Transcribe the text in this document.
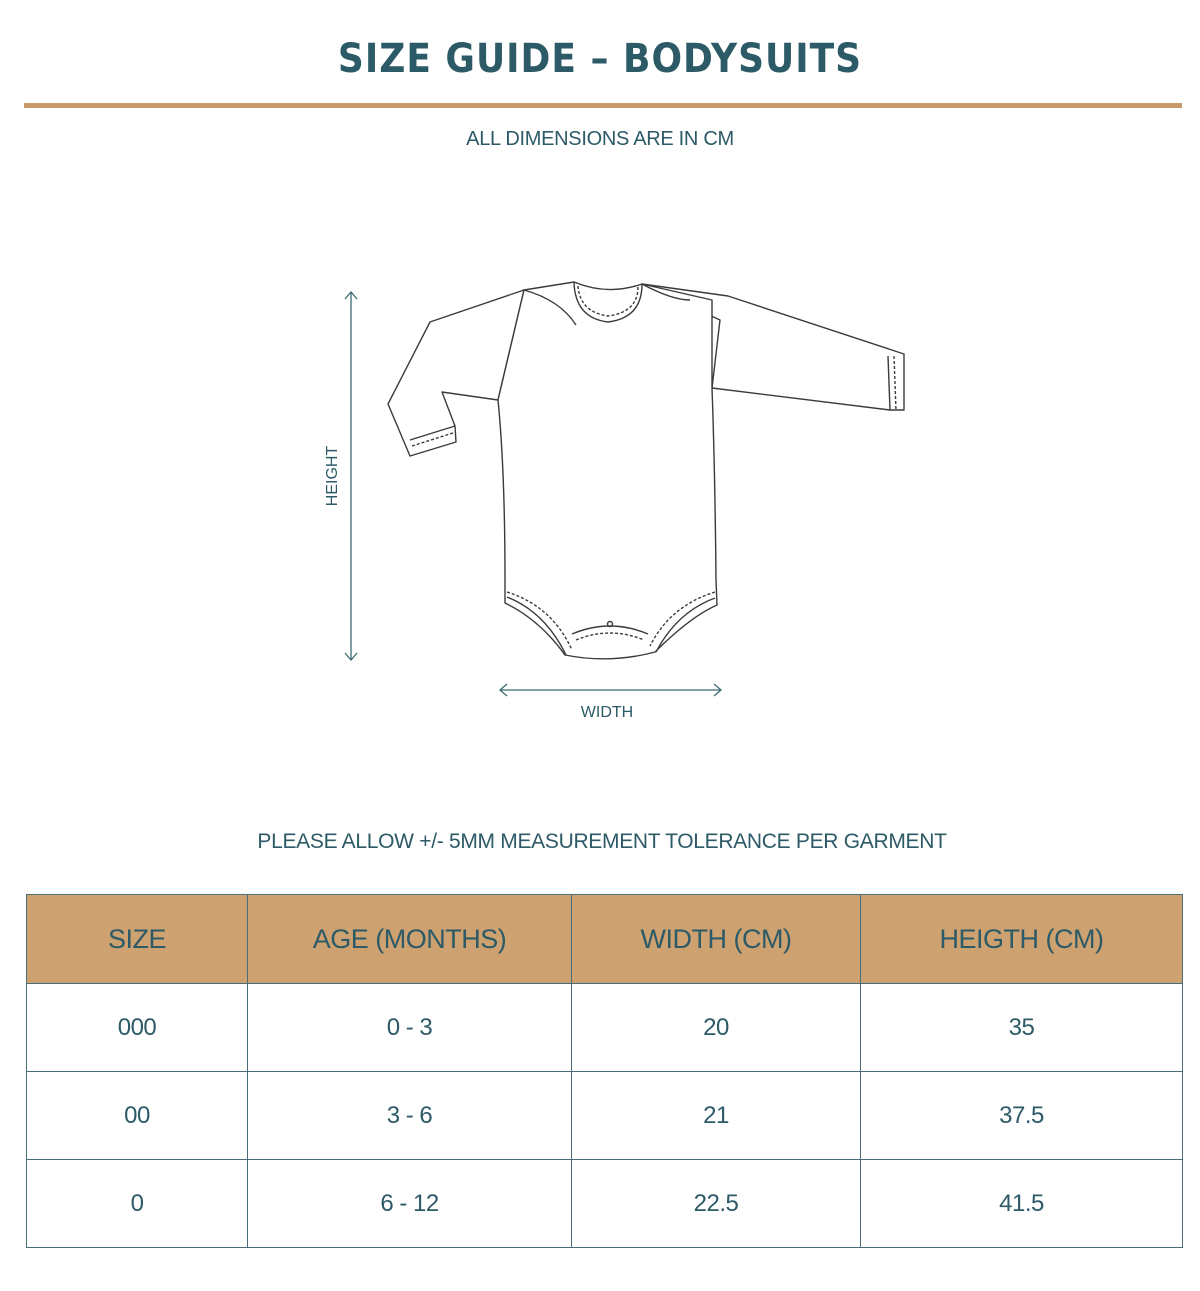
SIZE GUIDE – BODYSUITS
ALL DIMENSIONS ARE IN CM
HEIGHT
WIDTH
PLEASE ALLOW +/- 5MM MEASUREMENT TOLERANCE PER GARMENT
SIZE	AGE (MONTHS)	WIDTH (CM)	HEIGTH (CM)
000	0 - 3	20	35
00	3 - 6	21	37.5
0	6 - 12	22.5	41.5
